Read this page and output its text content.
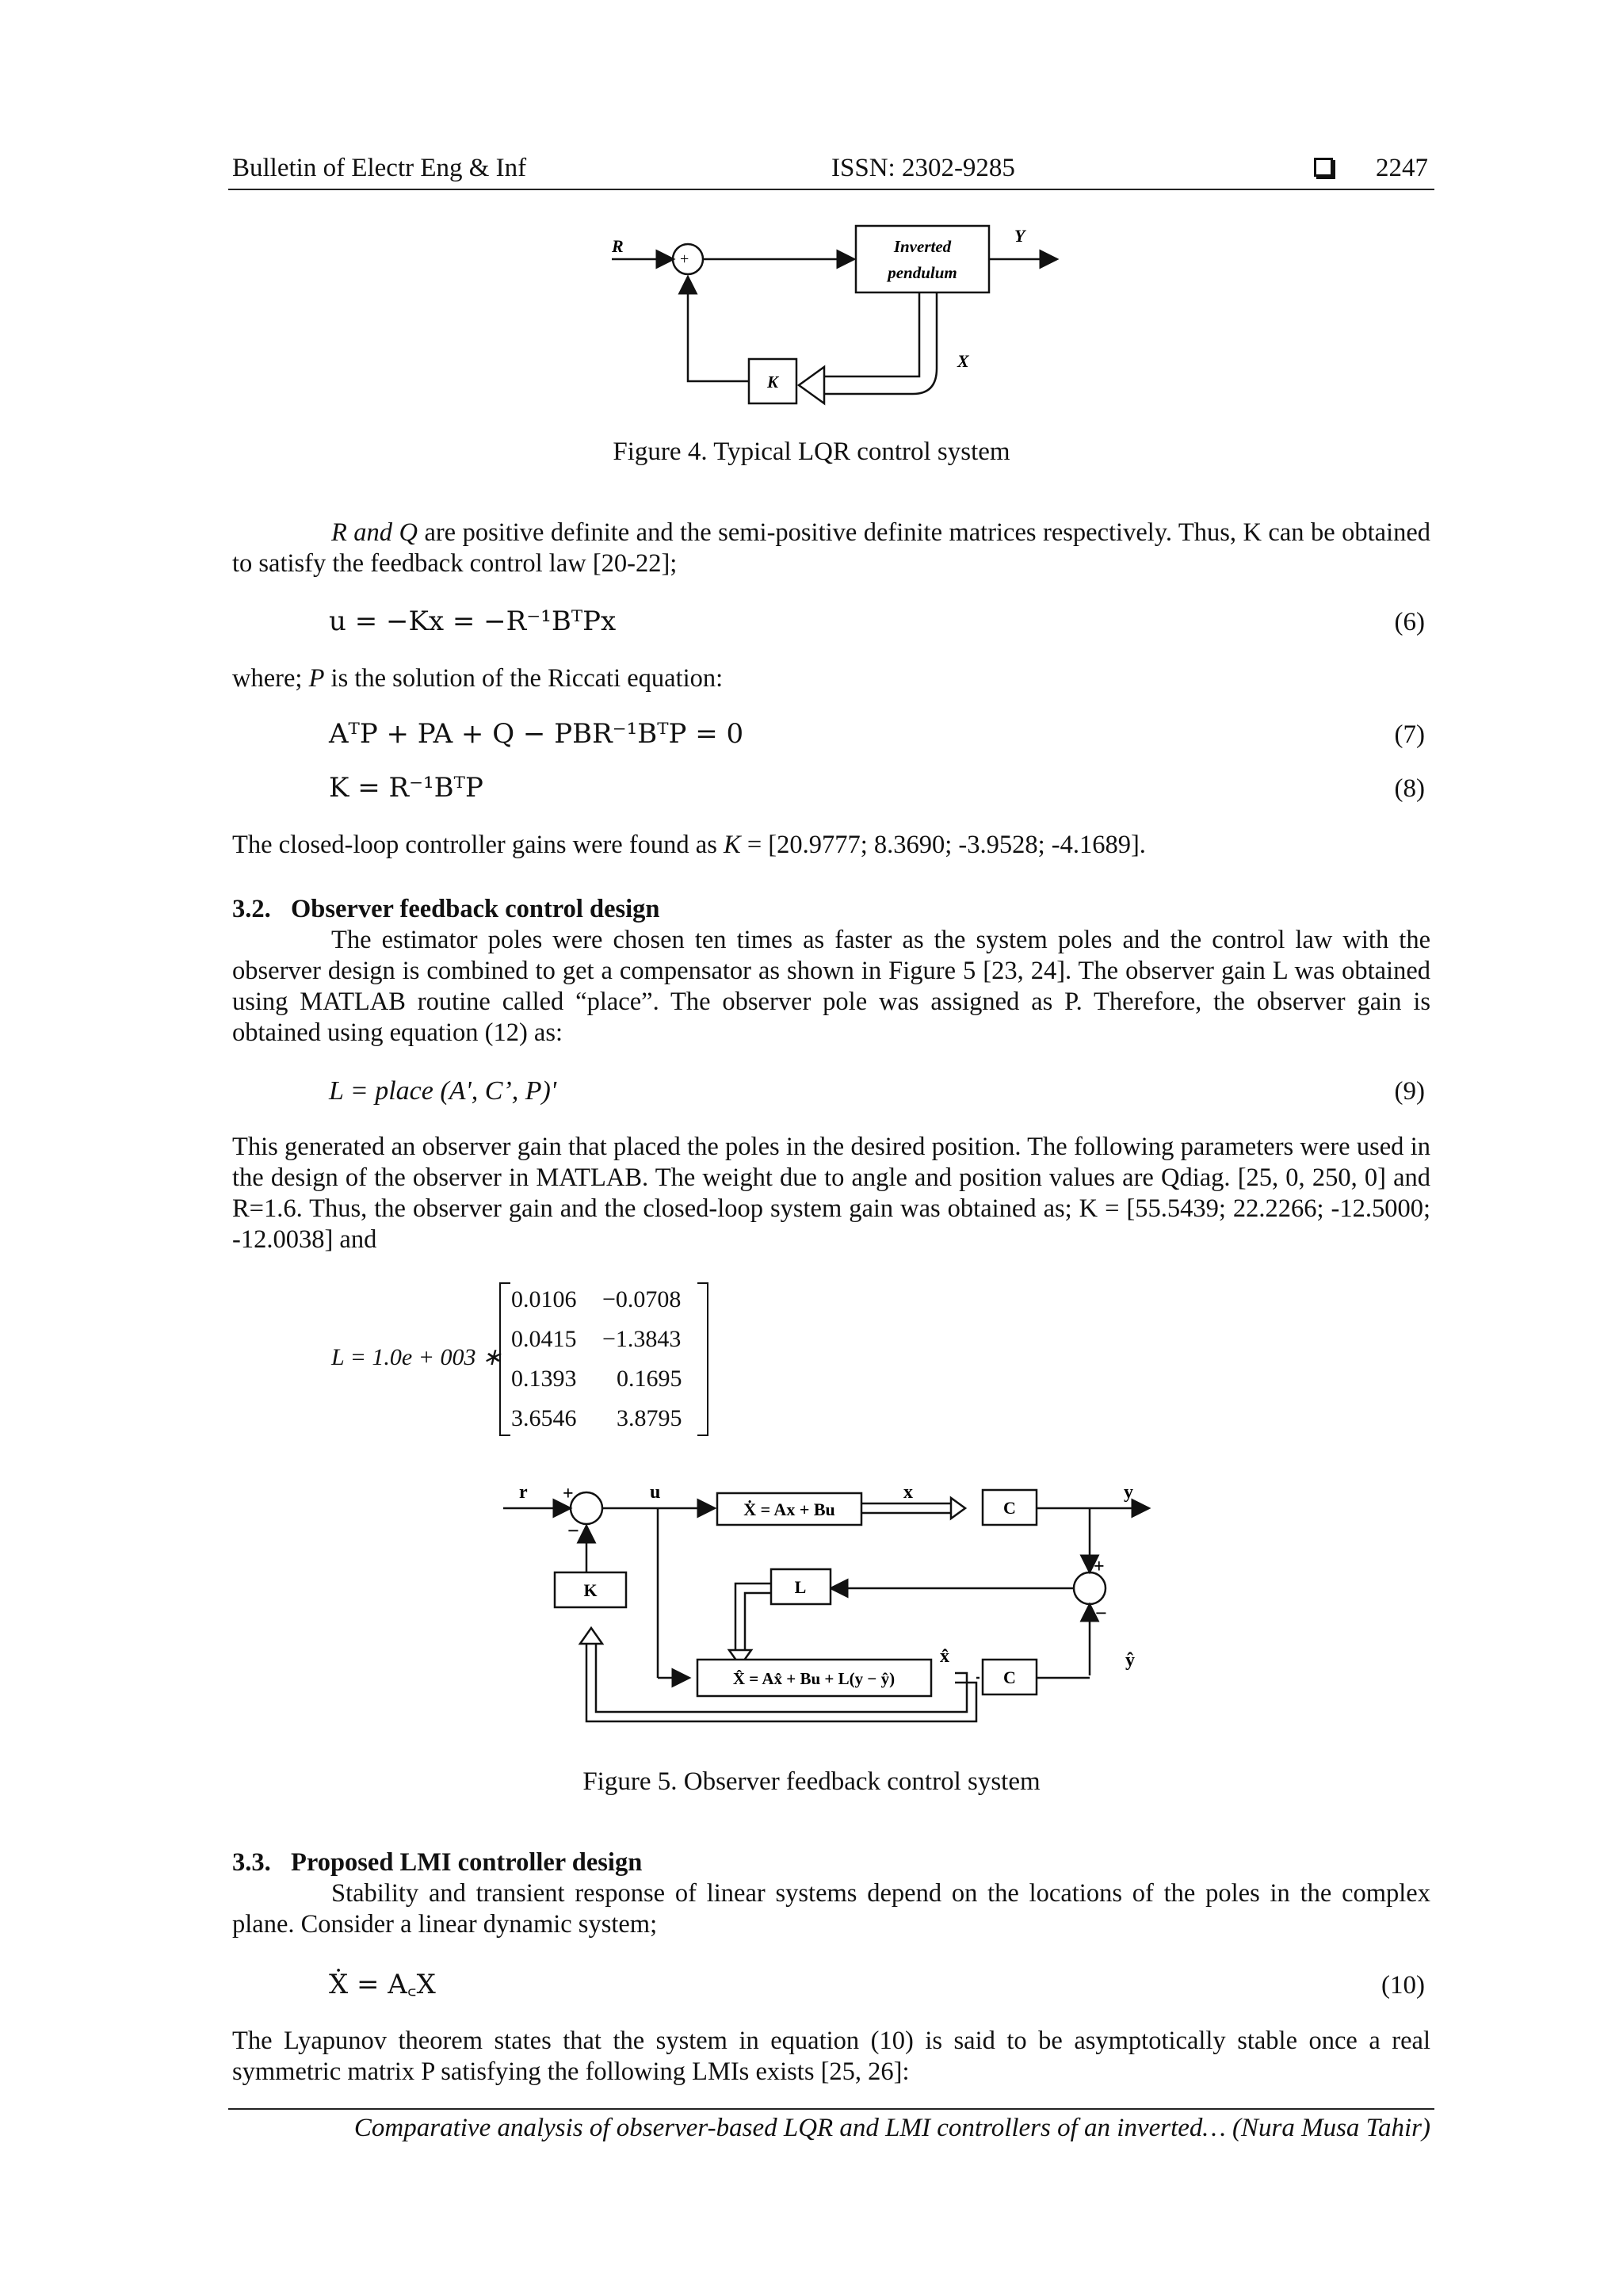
Bulletin of Electr Eng & Inf	ISSN: 2302-9285	2247
R
+
Inverted
pendulum
Y
X
K
Figure 4. Typical LQR control system
R and Q are positive definite and the semi-positive definite matrices respectively. Thus, K can be obtained to satisfy the feedback control law [20-22];
u = −Kx = −R⁻¹BᵀPx	(6)
where; P is the solution of the Riccati equation:
AᵀP + PA + Q − PBR⁻¹BᵀP = 0	(7)
K = R⁻¹BᵀP	(8)
The closed-loop controller gains were found as K = [20.9777; 8.3690; -3.9528; -4.1689].
3.2. Observer feedback control design
The estimator poles were chosen ten times as faster as the system poles and the control law with the observer design is combined to get a compensator as shown in Figure 5 [23, 24]. The observer gain L was obtained using MATLAB routine called “place”. The observer pole was assigned as P. Therefore, the observer gain is obtained using equation (12) as:
L = place (A', C’, P)'	(9)
This generated an observer gain that placed the poles in the desired position. The following parameters were used in the design of the observer in MATLAB. The weight due to angle and position values are Qdiag. [25, 0, 250, 0] and R=1.6. Thus, the observer gain and the closed-loop system gain was obtained as; K = [55.5439; 22.2266; -12.5000; -12.0038] and
L = 1.0e + 003 ∗
0.0106 −0.0708
0.0415 −1.3843
0.1393 0.1695
3.6546 3.8795
Ẋ = Ax + Bu	C
L
K
X̂ = Ax̂ + Bu + L(y − ŷ)	C
r +
−
u	x	y
+
−
x̂	ŷ
Figure 5. Observer feedback control system
3.3. Proposed LMI controller design
Stability and transient response of linear systems depend on the locations of the poles in the complex plane. Consider a linear dynamic system;
Ẋ = A꜀X	(10)
The Lyapunov theorem states that the system in equation (10) is said to be asymptotically stable once a real symmetric matrix P satisfying the following LMIs exists [25, 26]:
Comparative analysis of observer-based LQR and LMI controllers of an inverted… (Nura Musa Tahir)
